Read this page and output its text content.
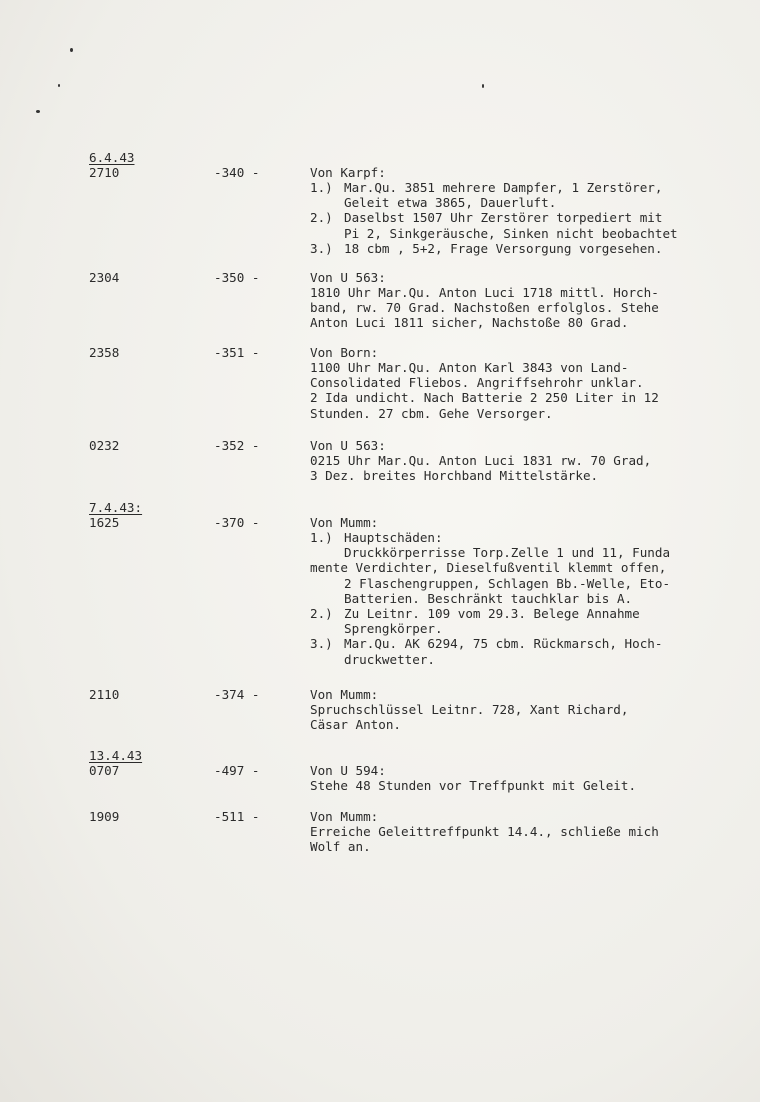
6.4.43
2710	-340 -	Von Karpf:
1.) Mar.Qu. 3851 mehrere Dampfer, 1 Zerstörer,
Geleit etwa 3865, Dauerluft.
2.) Daselbst 1507 Uhr Zerstörer torpediert mit
Pi 2, Sinkgeräusche, Sinken nicht beobachtet
3.) 18 cbm , 5+2, Frage Versorgung vorgesehen.
2304	-350 -	Von U 563:
1810 Uhr Mar.Qu. Anton Luci 1718 mittl. Horch-
band, rw. 70 Grad. Nachstoßen erfolglos. Stehe
Anton Luci 1811 sicher, Nachstoße 80 Grad.
2358	-351 -	Von Born:
1100 Uhr Mar.Qu. Anton Karl 3843 von Land-
Consolidated Fliebos. Angriffsehrohr unklar.
2 Ida undicht. Nach Batterie 2 250 Liter in 12
Stunden. 27 cbm. Gehe Versorger.
0232	-352 -	Von U 563:
0215 Uhr Mar.Qu. Anton Luci 1831 rw. 70 Grad,
3 Dez. breites Horchband Mittelstärke.
7.4.43:
1625	-370 -	Von Mumm:
1.) Hauptschäden:
Druckkörperrisse Torp.Zelle 1 und 11, Funda
mente Verdichter, Dieselfußventil klemmt offen,
2 Flaschengruppen, Schlagen Bb.-Welle, Eto-
Batterien. Beschränkt tauchklar bis A.
2.) Zu Leitnr. 109 vom 29.3. Belege Annahme
Sprengkörper.
3.) Mar.Qu. AK 6294, 75 cbm. Rückmarsch, Hoch-
druckwetter.
2110	-374 -	Von Mumm:
Spruchschlüssel Leitnr. 728, Xant Richard,
Cäsar Anton.
13.4.43
0707	-497 -	Von U 594:
Stehe 48 Stunden vor Treffpunkt mit Geleit.
1909	-511 -	Von Mumm:
Erreiche Geleittreffpunkt 14.4., schließe mich
Wolf an.
